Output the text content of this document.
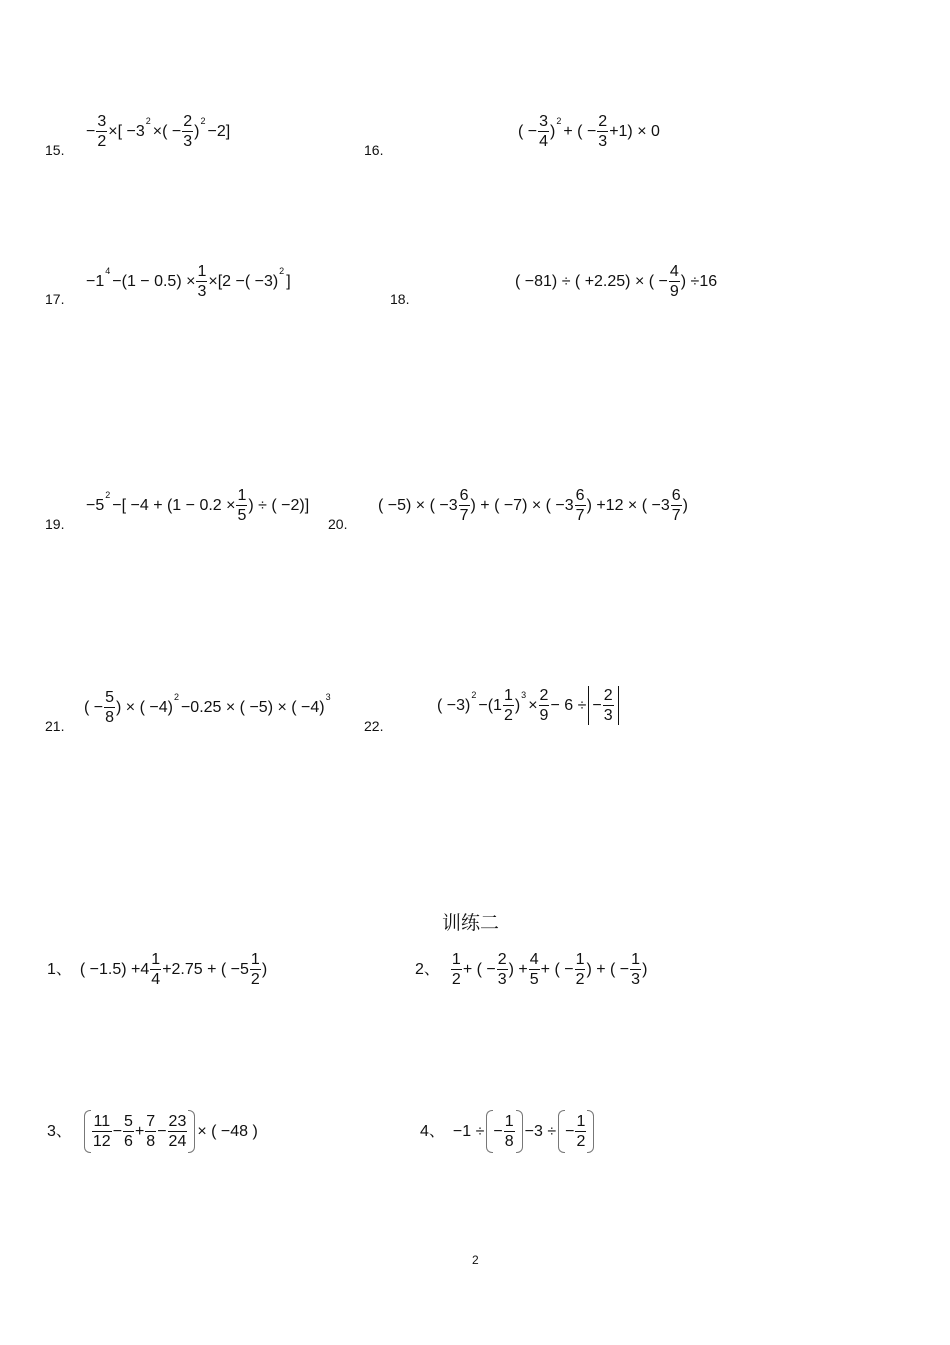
15.
− $\frac{3}{2}$ ×[ −3
2
×( − $\frac{2}{3}$ )
2
−2]
16.
( − $\frac{3}{4}$ )
2
+ ( − $\frac{2}{3} +1) \times 0$
17.
−1
4
$-(1 - 0.5) \times \frac{1}{3} \times[2$ −( −3)
2
]
18.
( −81) ÷ ( +2.25) × ( − $\frac{4}{9}$ ) ÷16
19.
−5
2
−[ $-4 + (1 - 0.2 \times \frac{1}{5}$ ) ÷ ( −2)]
20.
( −5) × ( $-3 \frac{6}{7}$ ) + ( −7) × ( $-3 \frac{6}{7}$ ) +12 × ( $-3 \frac{6}{7}$ )
21.
( − $\frac{5}{8}$ ) × ( −4)
2
−0.25 × ( −5) × ( −4)
3
22.
( −3)
2
$-(1 \frac{1}{2}$ )
3
× $\frac{2}{9} - 6$ ÷ − $\frac{2}{3}$
训练二
1、 ( $-1.5) +4 \frac{1}{4} +2.75$ + ( $-5 \frac{1}{2}$ )	2、 $\frac{1}{2}$ + ( − $\frac{2}{3}$ ) + $\frac{4}{5}$ + ( − $\frac{1}{2}$ ) + ( − $\frac{1}{3}$ )
3、 $\frac{11}{12} - \frac{5}{6} + \frac{7}{8} - \frac{23}{24}$ × ( −48 )	4、 −1 ÷ − $\frac{1}{8} -3$ ÷ − $\frac{1}{2}$
2
